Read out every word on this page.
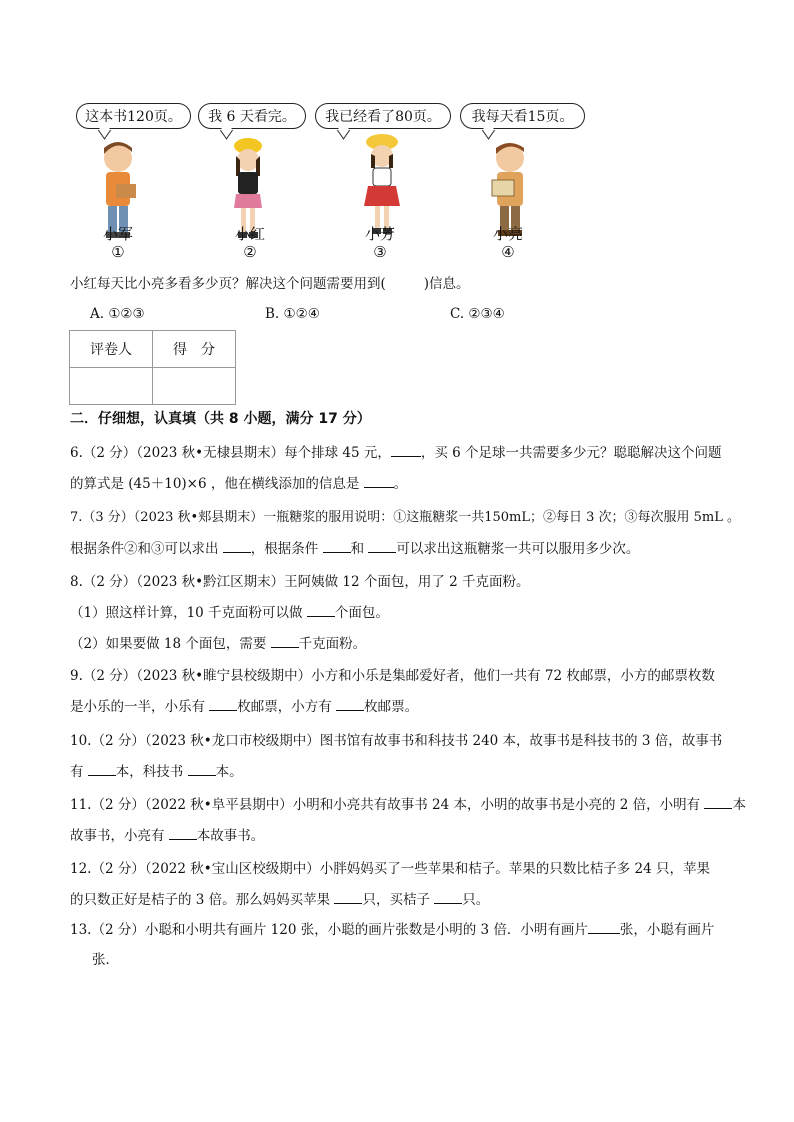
这本书120页。	我 6 天看完。	我已经看了80页。	我每天看15页。
小军
①
小红
②
小芳
③
小亮
④
小红每天比小亮多看多少页？解决这个问题需要用到(	)信息。
A. ①②③	B. ①②④	C. ②③④
评卷人	得　分

二．仔细想，认真填（共 8 小题，满分 17 分）
6.（2 分）（2023 秋•无棣县期末）每个排球 45 元， ，买 6 个足球一共需要多少元？聪聪解决这个问题
的算式是 (45＋10)×6 ，他在横线添加的信息是	。
7.（3 分）（2023 秋•郏县期末）一瓶糖浆的服用说明：①这瓶糖浆一共150mL；②每日 3 次；③每次服用 5mL 。
根据条件②和③可以求出 ，根据条件 和 可以求出这瓶糖浆一共可以服用多少次。
8.（2 分）（2023 秋•黔江区期末）王阿姨做 12 个面包，用了 2 千克面粉。
（1）照这样计算，10 千克面粉可以做 个面包。
（2）如果要做 18 个面包，需要 千克面粉。
9.（2 分）（2023 秋•睢宁县校级期中）小方和小乐是集邮爱好者，他们一共有 72 枚邮票，小方的邮票枚数
是小乐的一半，小乐有 枚邮票，小方有 枚邮票。
10.（2 分）（2023 秋•龙口市校级期中）图书馆有故事书和科技书 240 本，故事书是科技书的 3 倍，故事书
有 本，科技书 本。
11.（2 分）（2022 秋•阜平县期中）小明和小亮共有故事书 24 本，小明的故事书是小亮的 2 倍，小明有 本
故事书，小亮有 本故事书。
12.（2 分）（2022 秋•宝山区校级期中）小胖妈妈买了一些苹果和桔子。苹果的只数比桔子多 24 只，苹果
的只数正好是桔子的 3 倍。那么妈妈买苹果 只，买桔子 只。
13.（2 分）小聪和小明共有画片 120 张，小聪的画片张数是小明的 3 倍．小明有画片 张，小聪有画片
张．
